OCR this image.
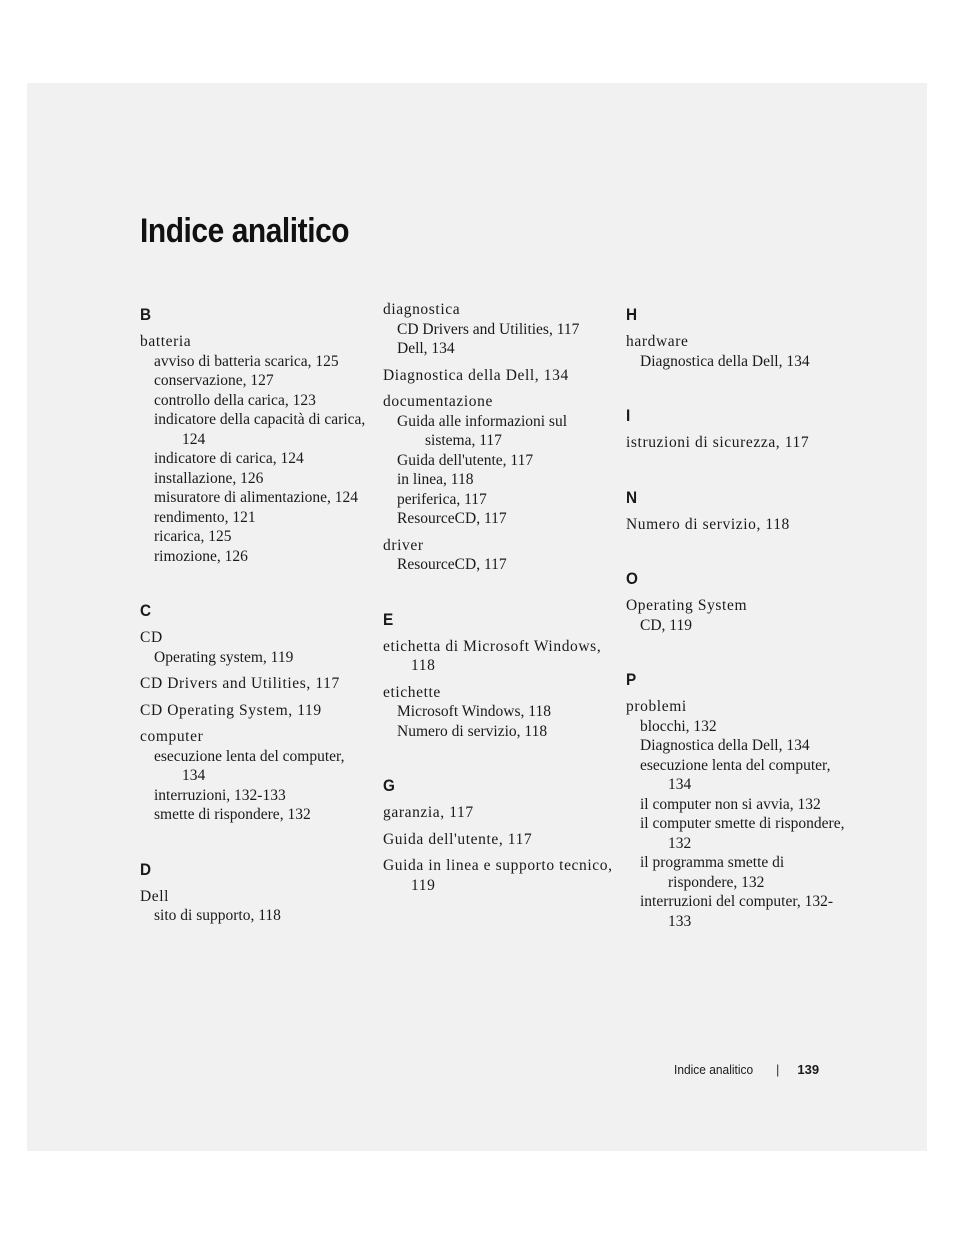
Indice analitico
B
batteria
avviso di batteria scarica, 125
conservazione, 127
controllo della carica, 123
indicatore della capacità di carica, 124
indicatore di carica, 124
installazione, 126
misuratore di alimentazione, 124
rendimento, 121
ricarica, 125
rimozione, 126
C
CD
Operating system, 119
CD Drivers and Utilities, 117
CD Operating System, 119
computer
esecuzione lenta del computer, 134
interruzioni, 132-133
smette di rispondere, 132
D
Dell
sito di supporto, 118
diagnostica
CD Drivers and Utilities, 117
Dell, 134
Diagnostica della Dell, 134
documentazione
Guida alle informazioni sul sistema, 117
Guida dell'utente, 117
in linea, 118
periferica, 117
ResourceCD, 117
driver
ResourceCD, 117
E
etichetta di Microsoft Windows, 118
etichette
Microsoft Windows, 118
Numero di servizio, 118
G
garanzia, 117
Guida dell'utente, 117
Guida in linea e supporto tecnico, 119
H
hardware
Diagnostica della Dell, 134
I
istruzioni di sicurezza, 117
N
Numero di servizio, 118
O
Operating System
CD, 119
P
problemi
blocchi, 132
Diagnostica della Dell, 134
esecuzione lenta del computer, 134
il computer non si avvia, 132
il computer smette di rispondere, 132
il programma smette di rispondere, 132
interruzioni del computer, 132-133
Indice analitico | 139
